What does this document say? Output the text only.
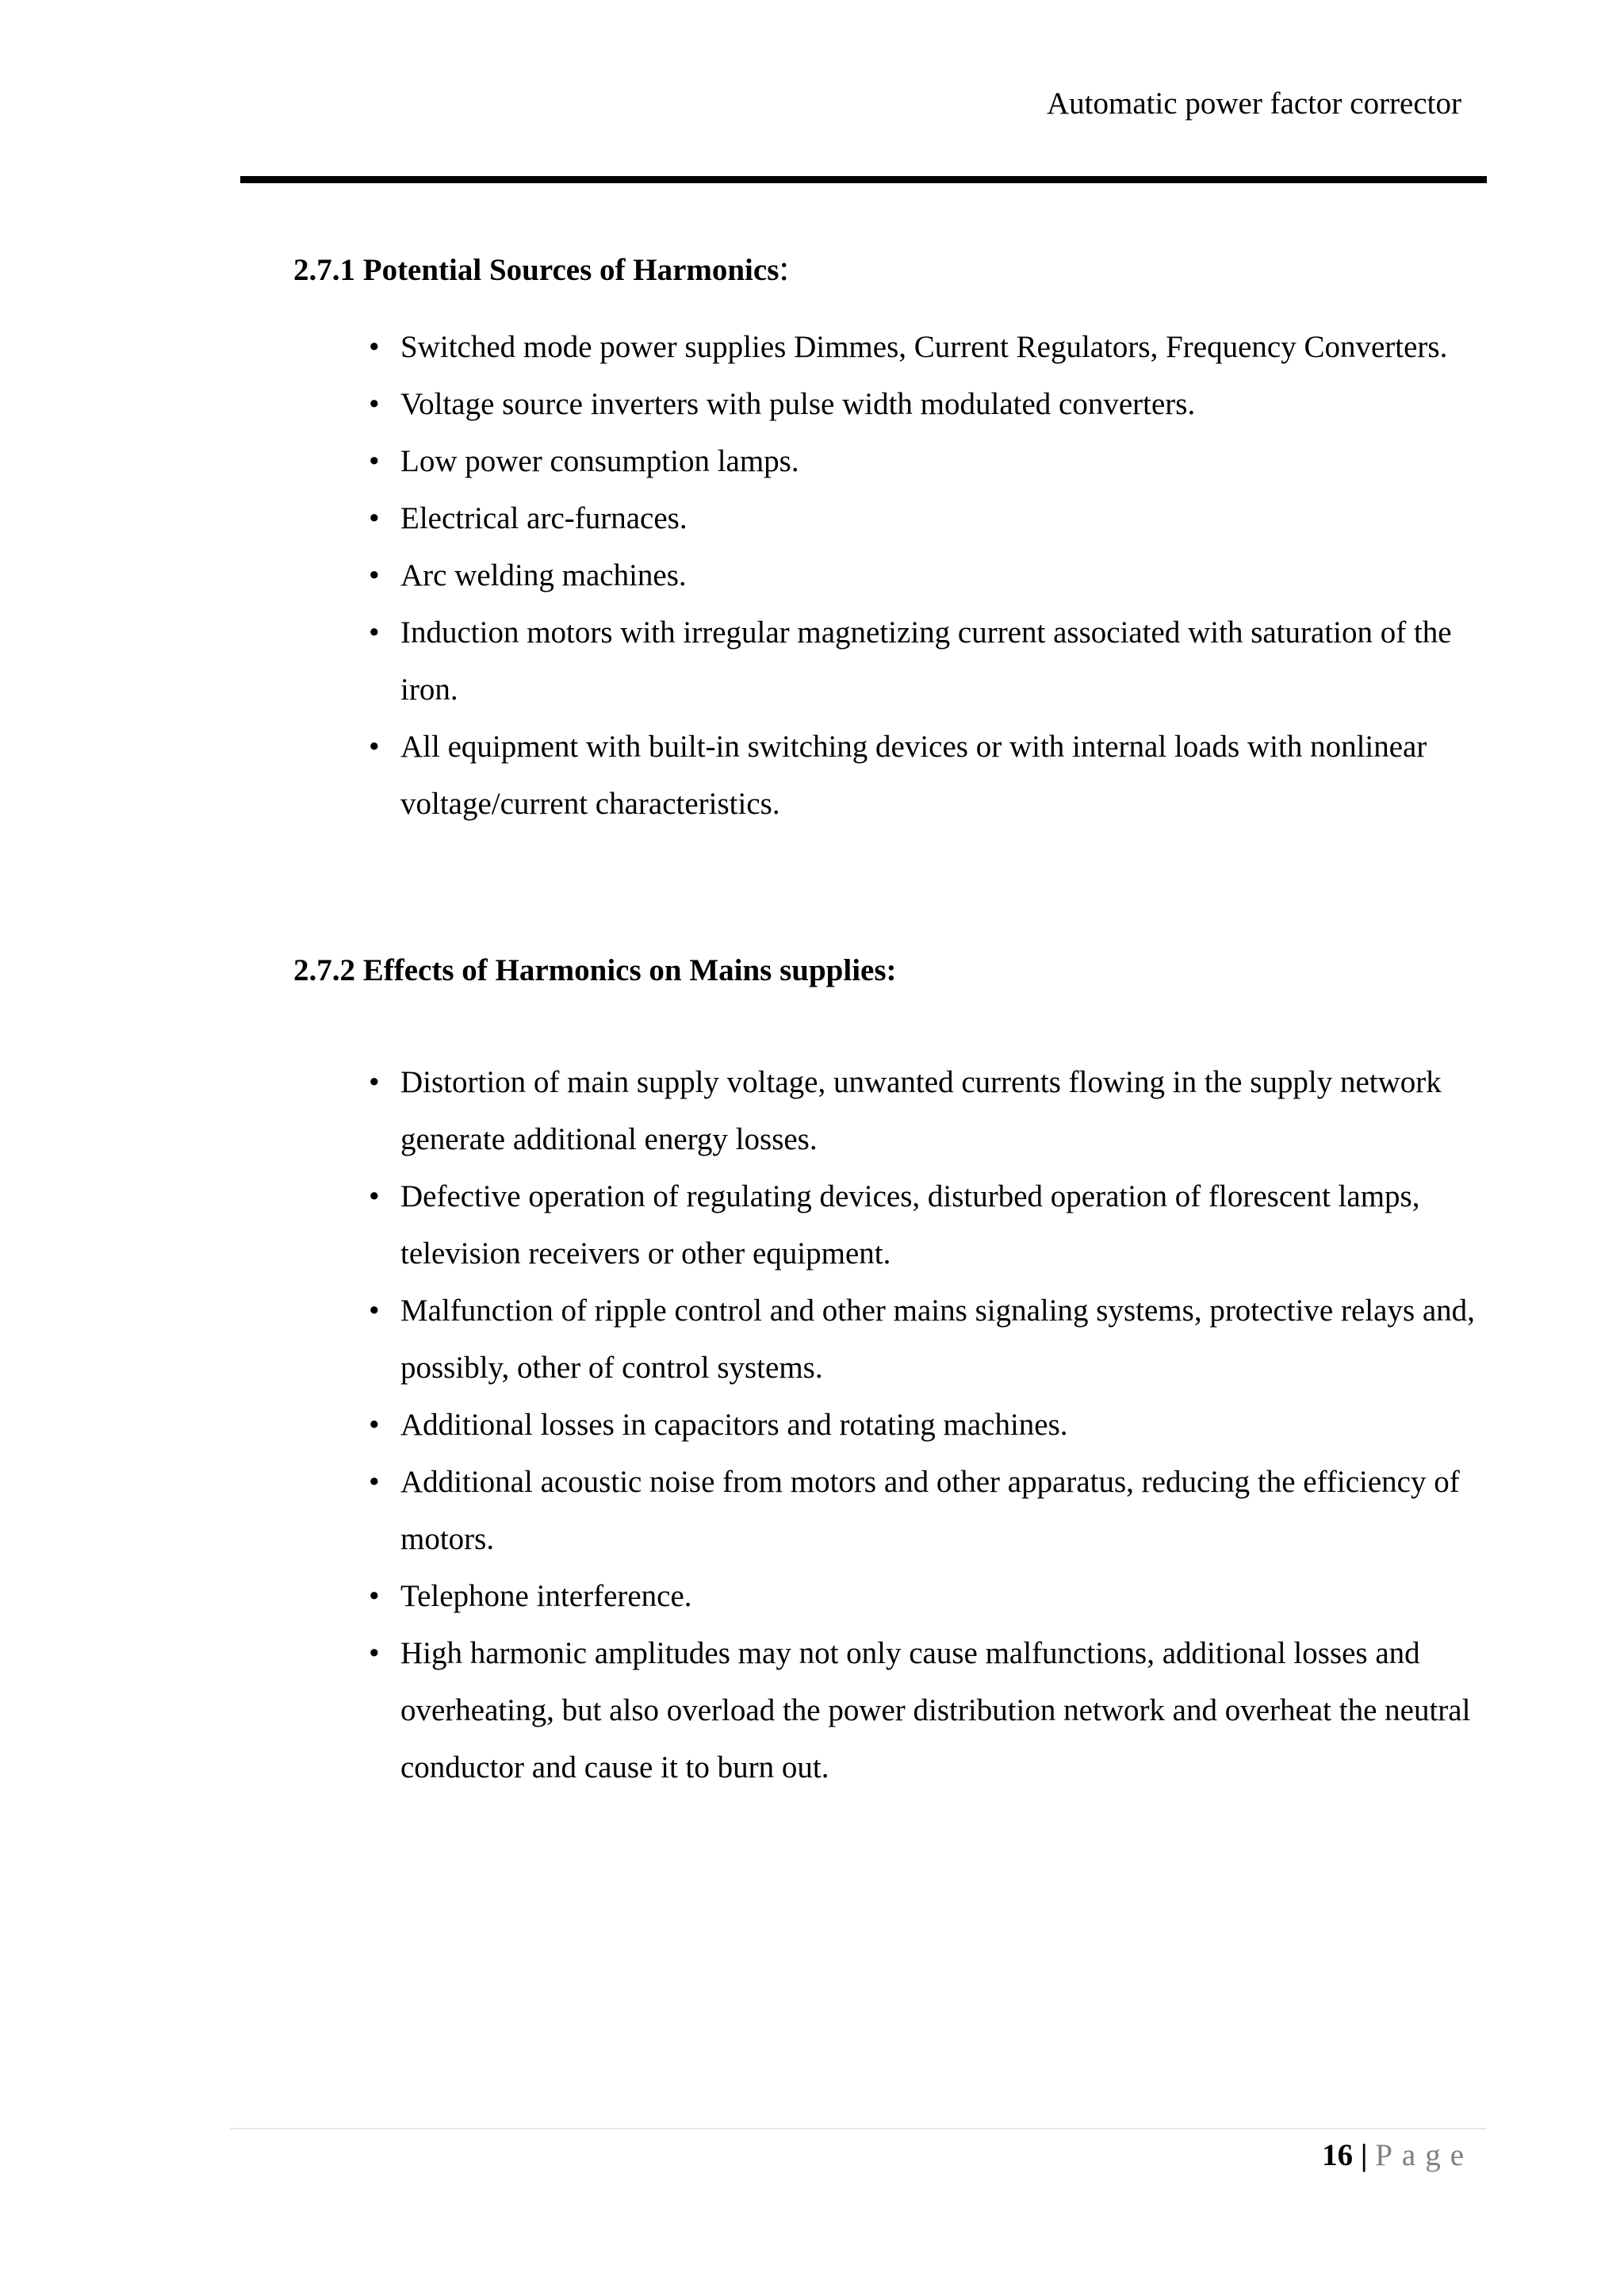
Automatic power factor corrector
2.7.1 Potential Sources of Harmonics:
• Switched mode power supplies Dimmes, Current Regulators, Frequency Converters.
• Voltage source inverters with pulse width modulated converters.
• Low power consumption lamps.
• Electrical arc-furnaces.
• Arc welding machines.
• Induction motors with irregular magnetizing current associated with saturation of the iron.
• All equipment with built-in switching devices or with internal loads with nonlinear voltage/current characteristics.
2.7.2 Effects of Harmonics on Mains supplies:
• Distortion of main supply voltage, unwanted currents flowing in the supply network generate additional energy losses.
• Defective operation of regulating devices, disturbed operation of florescent lamps, television receivers or other equipment.
• Malfunction of ripple control and other mains signaling systems, protective relays and, possibly, other of control systems.
• Additional losses in capacitors and rotating machines.
• Additional acoustic noise from motors and other apparatus, reducing the efficiency of motors.
• Telephone interference.
• High harmonic amplitudes may not only cause malfunctions, additional losses and overheating, but also overload the power distribution network and overheat the neutral conductor and cause it to burn out.
16 | Page
